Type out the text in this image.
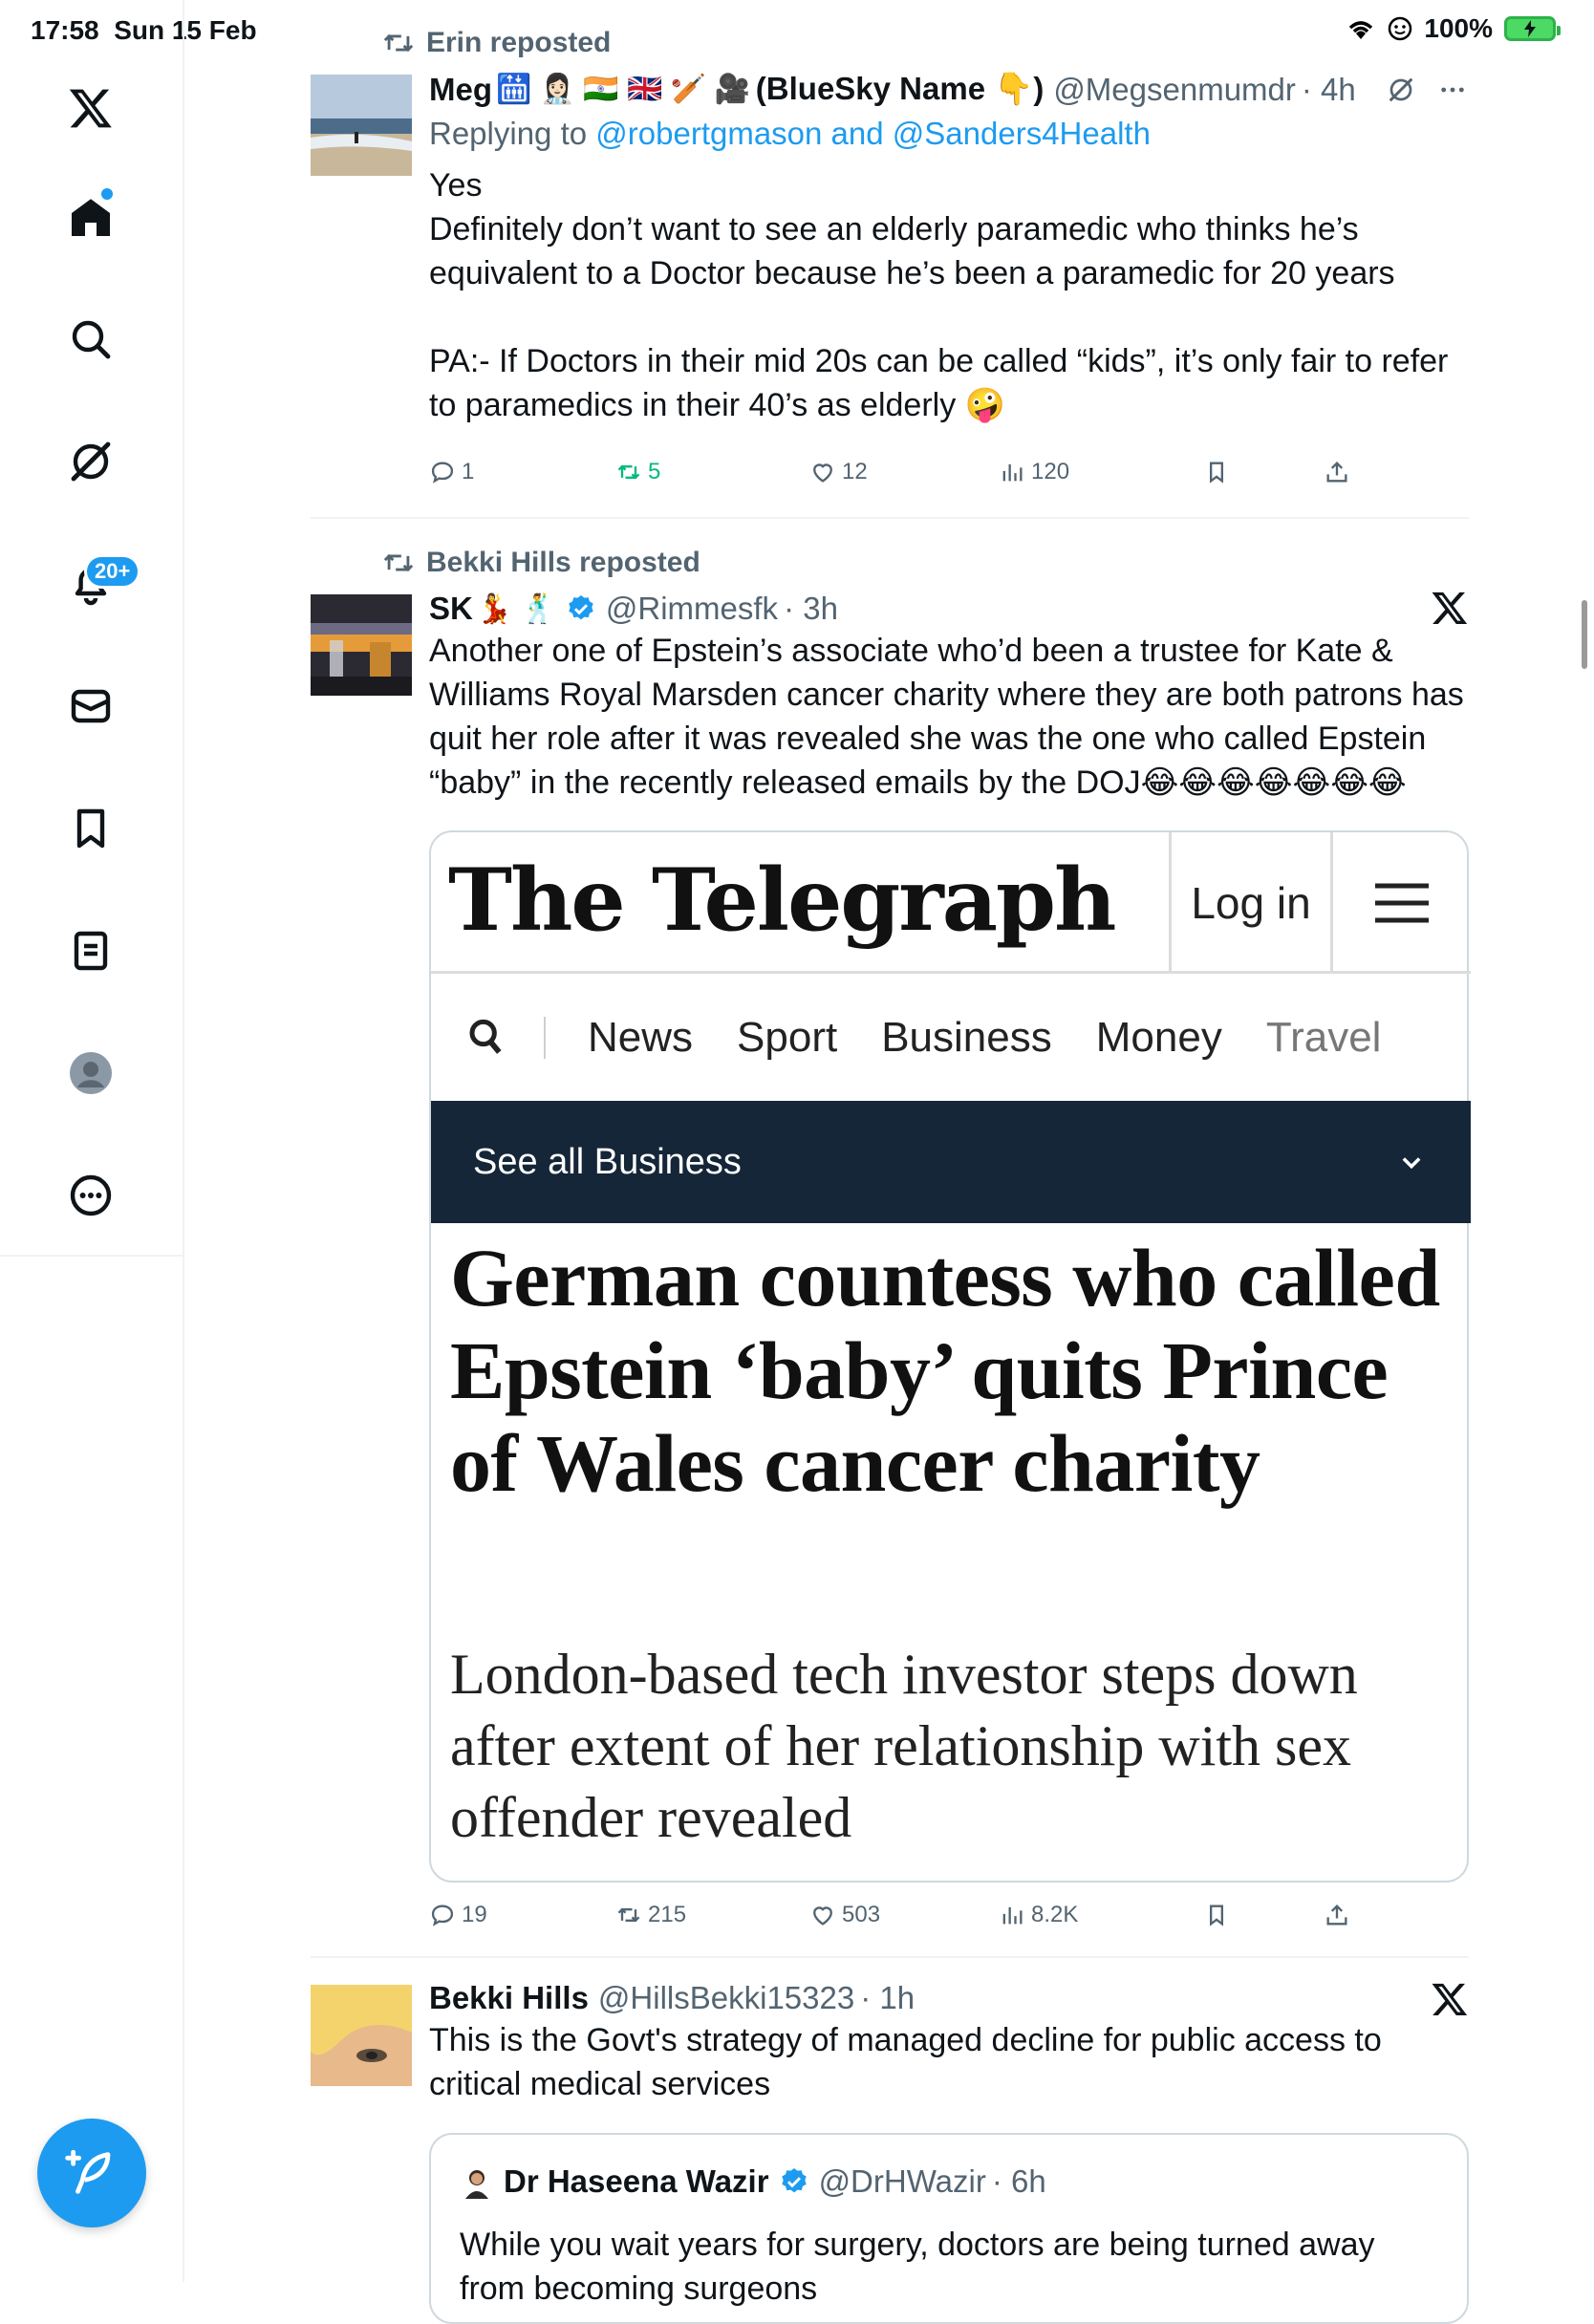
17:58 Sun 15 Feb	100%
20+
Erin reposted
Meg 🛗 👩🏻‍⚕️ 🇮🇳 🇬🇧 🏏 🎥 (BlueSky Name 👇) @Megsenmumdr · 4h
Replying to @robertgmason and @Sanders4Health

Yes

Definitely don’t want to see an elderly paramedic who thinks he’s equivalent to a Doctor because he’s been a paramedic for 20 years

PA:- If Doctors in their mid 20s can be called “kids”, it’s only fair to refer to paramedics in their 40’s as elderly 🤪

1	5	12	120
Bekki Hills reposted
SK 💃 🕺 @Rimmesfk · 3h
Another one of Epstein’s associate who’d been a trustee for Kate & Williams Royal Marsden cancer charity where they are both patrons has quit her role after it was revealed she was the one who called Epstein “baby” in the recently released emails by the DOJ😂😂😂😂😂😂😂
The Telegraph	Log in
News Sport Business Money Travel
See all Business
German countess who called Epstein ‘baby’ quits Prince of Wales cancer charity
London-based tech investor steps down after extent of her relationship with sex offender revealed
19	215	503	8.2K
Bekki Hills @HillsBekki15323 · 1h
This is the Govt's strategy of managed decline for public access to critical medical services
Dr Haseena Wazir @DrHWazir · 6h
While you wait years for surgery, doctors are being turned away from becoming surgeons
